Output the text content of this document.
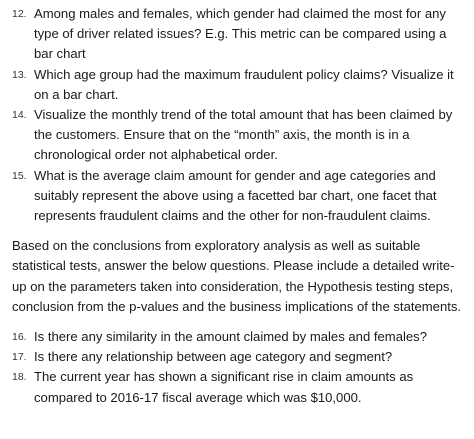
12. Among males and females, which gender had claimed the most for any type of driver related issues? E.g. This metric can be compared using a bar chart

13. Which age group had the maximum fraudulent policy claims? Visualize it on a bar chart.

14. Visualize the monthly trend of the total amount that has been claimed by the customers. Ensure that on the “month” axis, the month is in a chronological order not alphabetical order.

15. What is the average claim amount for gender and age categories and suitably represent the above using a facetted bar chart, one facet that represents fraudulent claims and the other for non-fraudulent claims.

Based on the conclusions from exploratory analysis as well as suitable statistical tests, answer the below questions. Please include a detailed write-up on the parameters taken into consideration, the Hypothesis testing steps, conclusion from the p-values and the business implications of the statements.

16. Is there any similarity in the amount claimed by males and females?

17. Is there any relationship between age category and segment?

18. The current year has shown a significant rise in claim amounts as compared to 2016-17 fiscal average which was $10,000.
